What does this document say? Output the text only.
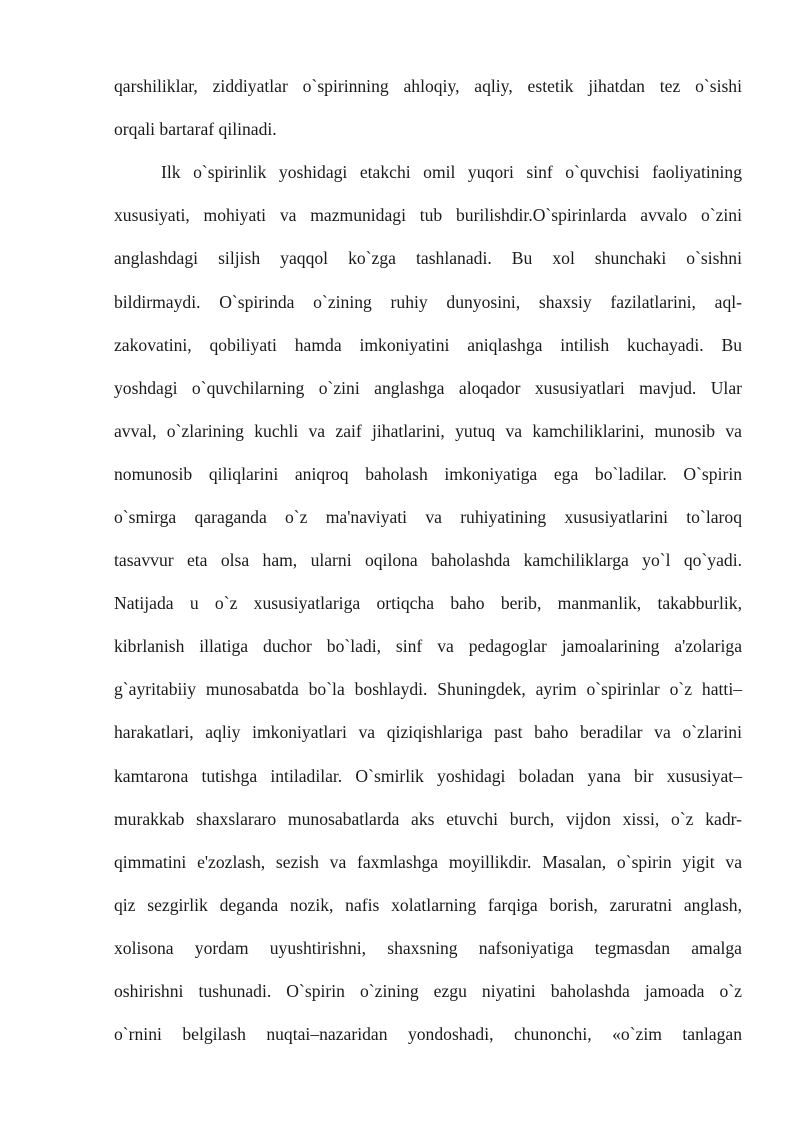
qarshiliklar, ziddiyatlar o`spirinning ahloqiy, aqliy, estetik jihatdan tez o`sishi
orqali bartaraf qilinadi.
Ilk o`spirinlik yoshidagi etakchi omil yuqori sinf o`quvchisi faoliyatining
xususiyati, mohiyati va mazmunidagi tub burilishdir.O`spirinlarda avvalo o`zini
anglashdagi siljish yaqqol ko`zga tashlanadi. Bu xol shunchaki o`sishni
bildirmaydi. O`spirinda o`zining ruhiy dunyosini, shaxsiy fazilatlarini, aql-
zakovatini, qobiliyati hamda imkoniyatini aniqlashga intilish kuchayadi. Bu
yoshdagi o`quvchilarning o`zini anglashga aloqador xususiyatlari mavjud. Ular
avval, o`zlarining kuchli va zaif jihatlarini, yutuq va kamchiliklarini, munosib va
nomunosib qiliqlarini aniqroq baholash imkoniyatiga ega bo`ladilar. O`spirin
o`smirga qaraganda o`z ma'naviyati va ruhiyatining xususiyatlarini to`laroq
tasavvur eta olsa ham, ularni oqilona baholashda kamchiliklarga yo`l qo`yadi.
Natijada u o`z xususiyatlariga ortiqcha baho berib, manmanlik, takabburlik,
kibrlanish illatiga duchor bo`ladi, sinf va pedagoglar jamoalarining a'zolariga
g`ayritabiiy munosabatda bo`la boshlaydi. Shuningdek, ayrim o`spirinlar o`z hatti–
harakatlari, aqliy imkoniyatlari va qiziqishlariga past baho beradilar va o`zlarini
kamtarona tutishga intiladilar. O`smirlik yoshidagi boladan yana bir xususiyat–
murakkab shaxslararo munosabatlarda aks etuvchi burch, vijdon xissi, o`z kadr-
qimmatini e'zozlash, sezish va faxmlashga moyillikdir. Masalan, o`spirin yigit va
qiz sezgirlik deganda nozik, nafis xolatlarning farqiga borish, zaruratni anglash,
xolisona yordam uyushtirishni, shaxsning nafsoniyatiga tegmasdan amalga
oshirishni tushunadi. O`spirin o`zining ezgu niyatini baholashda jamoada o`z
o`rnini belgilash nuqtai–nazaridan yondoshadi, chunonchi, «o`zim tanlagan
